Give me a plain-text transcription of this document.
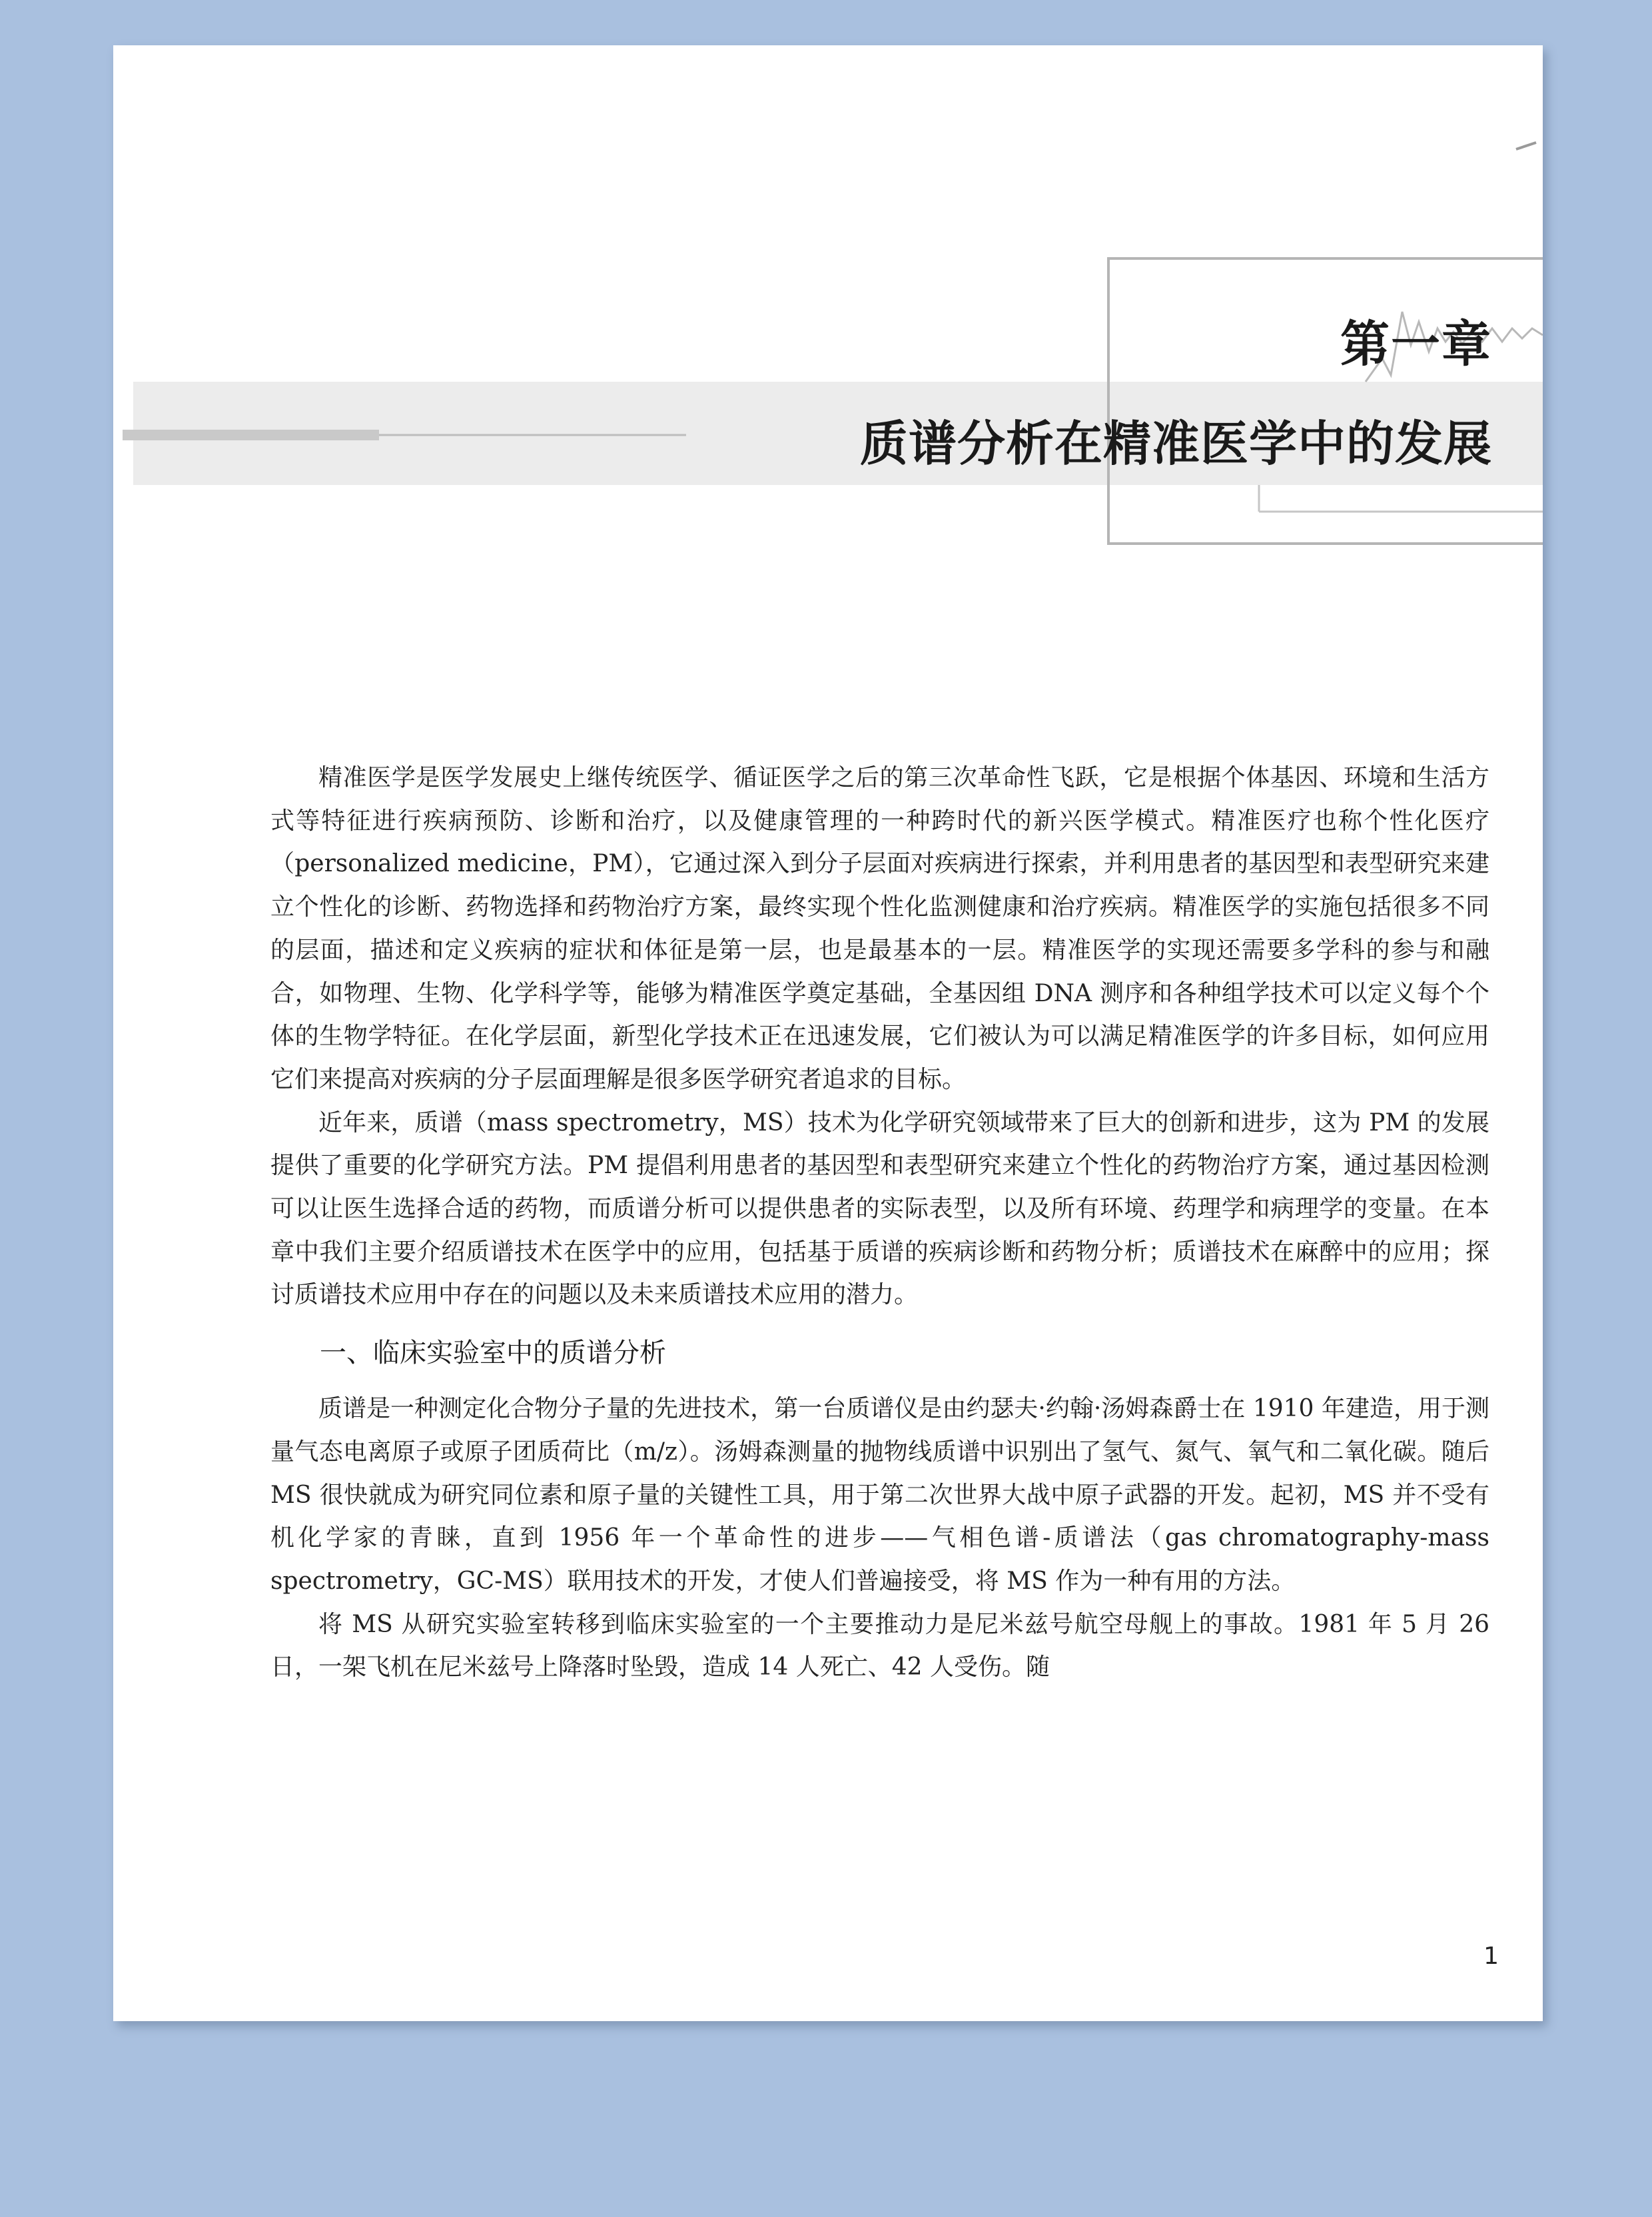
第一章
质谱分析在精准医学中的发展

精准医学是医学发展史上继传统医学、循证医学之后的第三次革命性飞跃，它是根据个体基因、环境和生活方式等特征进行疾病预防、诊断和治疗，以及健康管理的一种跨时代的新兴医学模式。精准医疗也称个性化医疗（personalized medicine，PM），它通过深入到分子层面对疾病进行探索，并利用患者的基因型和表型研究来建立个性化的诊断、药物选择和药物治疗方案，最终实现个性化监测健康和治疗疾病。精准医学的实施包括很多不同的层面，描述和定义疾病的症状和体征是第一层，也是最基本的一层。精准医学的实现还需要多学科的参与和融合，如物理、生物、化学科学等，能够为精准医学奠定基础，全基因组 DNA 测序和各种组学技术可以定义每个个体的生物学特征。在化学层面，新型化学技术正在迅速发展，它们被认为可以满足精准医学的许多目标，如何应用它们来提高对疾病的分子层面理解是很多医学研究者追求的目标。

近年来，质谱（mass spectrometry，MS）技术为化学研究领域带来了巨大的创新和进步，这为 PM 的发展提供了重要的化学研究方法。PM 提倡利用患者的基因型和表型研究来建立个性化的药物治疗方案，通过基因检测可以让医生选择合适的药物，而质谱分析可以提供患者的实际表型，以及所有环境、药理学和病理学的变量。在本章中我们主要介绍质谱技术在医学中的应用，包括基于质谱的疾病诊断和药物分析；质谱技术在麻醉中的应用；探讨质谱技术应用中存在的问题以及未来质谱技术应用的潜力。

一、临床实验室中的质谱分析

质谱是一种测定化合物分子量的先进技术，第一台质谱仪是由约瑟夫·约翰·汤姆森爵士在 1910 年建造，用于测量气态电离原子或原子团质荷比（m/z）。汤姆森测量的抛物线质谱中识别出了氢气、氮气、氧气和二氧化碳。随后 MS 很快就成为研究同位素和原子量的关键性工具，用于第二次世界大战中原子武器的开发。起初，MS 并不受有机化学家的青睐，直到 1956 年一个革命性的进步——气相色谱-质谱法（gas chromatography-mass spectrometry，GC-MS）联用技术的开发，才使人们普遍接受，将 MS 作为一种有用的方法。

将 MS 从研究实验室转移到临床实验室的一个主要推动力是尼米兹号航空母舰上的事故。1981 年 5 月 26 日，一架飞机在尼米兹号上降落时坠毁，造成 14 人死亡、42 人受伤。随

1
